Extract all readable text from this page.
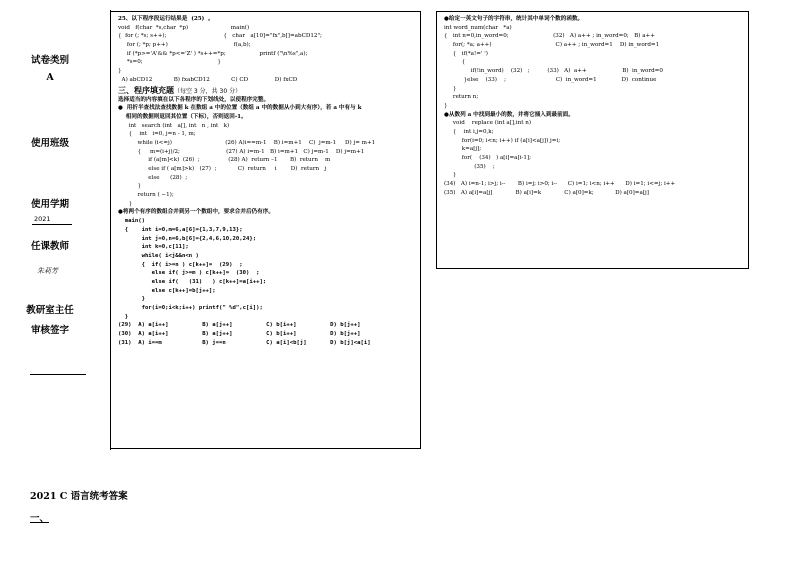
试卷类别
A
使用班级
使用学期
2021
任课教师
朱莉芳
教研室主任
审核签字
25、以下程序段运行结果是  (25)  。
void   f(char  *s,char  *p)                        main()
{  for (; *s; s++);                                {   char   a[10]="fx",b[]=abCD12";
for (; *p; p++)                                     f(a,b);
if (*p>='A'&& *p<='Z' ) *s++=*p;                   printf ("\n%s",a);
*s=0;                                          }
}
A) abCD12            B) fxabCD12            C) CD               D) fxCD
三、程序填充题（每空 3 分，共 30 分）
选择适当的内容填在以下各程序的下划线处，以使程序完整。
●  用折半查找法查找数据 k 在数组 a 中的位置（数组 a 中的数据从小到大有序），若 a 中有与 k
相同的数据则返回其位置（下标），否则返回-1。
int   search (int   a[], int   n , int   k)
{    int   i=0, j=n - 1, m;
while (i<=j)                              (26) A)i==m-1    B) i=m+1    C)  j=m-1     D) j= m+1
{     m=(i+j)/2;                          (27) A) i=m-1   B) i=m+1   C) j=m-1    D) j=m+1
if (a[m]<k)  (26)  ;                (28) A)  return –1       B)  return    m
else if ( a[m]>k)   (27)  ;            C)  return     i        D)  return   j
else      (28)  ;
}
return ( −1);
}
●将两个有序的数组合并到另一个数组中，要求合并后仍有序。
main()
{    int i=0,m=6,a[6]={1,3,7,9,13};
int j=0,n=6,b[6]={2,4,6,10,20,24};
int k=0,c[11];
while( i<j&&n<n )
{  if( i>=n ) c[k++]=  (29)  ;
else if( j>=m ) c[k++]=  (30)  ;
else if(   (31)   ) c[k++]=a[i++];
else c[k++]=b[j++];
}
for(i=0;i<k;i++) printf(" %d",c[i]);
}
(29)  A) a[i++]          B) a[j++]          C) b[i++]          D) b[j++]
(30)  A) a[i++]          B) a[j++]          C) b[i++]          D) b[j++]
(31)  A) i==m            B) j==n            C) a[i]<b[j]       D) b[j]<a[i]
●给定一英文句子的字符串，统计其中单词个数的函数。
int word_num(char   *a)
{   int n=0,in_word=0;                         (32)   A) a++ ; in_word=0;   B) a++
for(; *a; a++)                                    C) a++ ; in_word=1    D) in_word=1
{   if(*a!=' ')
{
if(!in_word)    (32)   ;          (33)   A)  a++                    B)  in_word=0
}else    (33)    ;                            C)  in_word=1              D)  continue
}
return n;
}
●从数列 a 中找到最小的数，并将它插入到最前面。
void    replace (int a[],int n)
{    int i,j=0,k;
for(i=0; i<n; i++) if (a[i]<a[j]) j=i;
k=a[j];
for(    (34)   ) a[i]=a[i-1];
(35)    ;
}
(34)   A) i=n-1; i>j; i--       B) i=j; i>0; i--      C) i=1; i<n; i++      D) i=1; i<=j; i++
(35)   A) a[i]=a[j]             B) a[i]=k             C) a[0]=k;            D) a[0]=a[j]
2021 C 语言统考答案
一、
